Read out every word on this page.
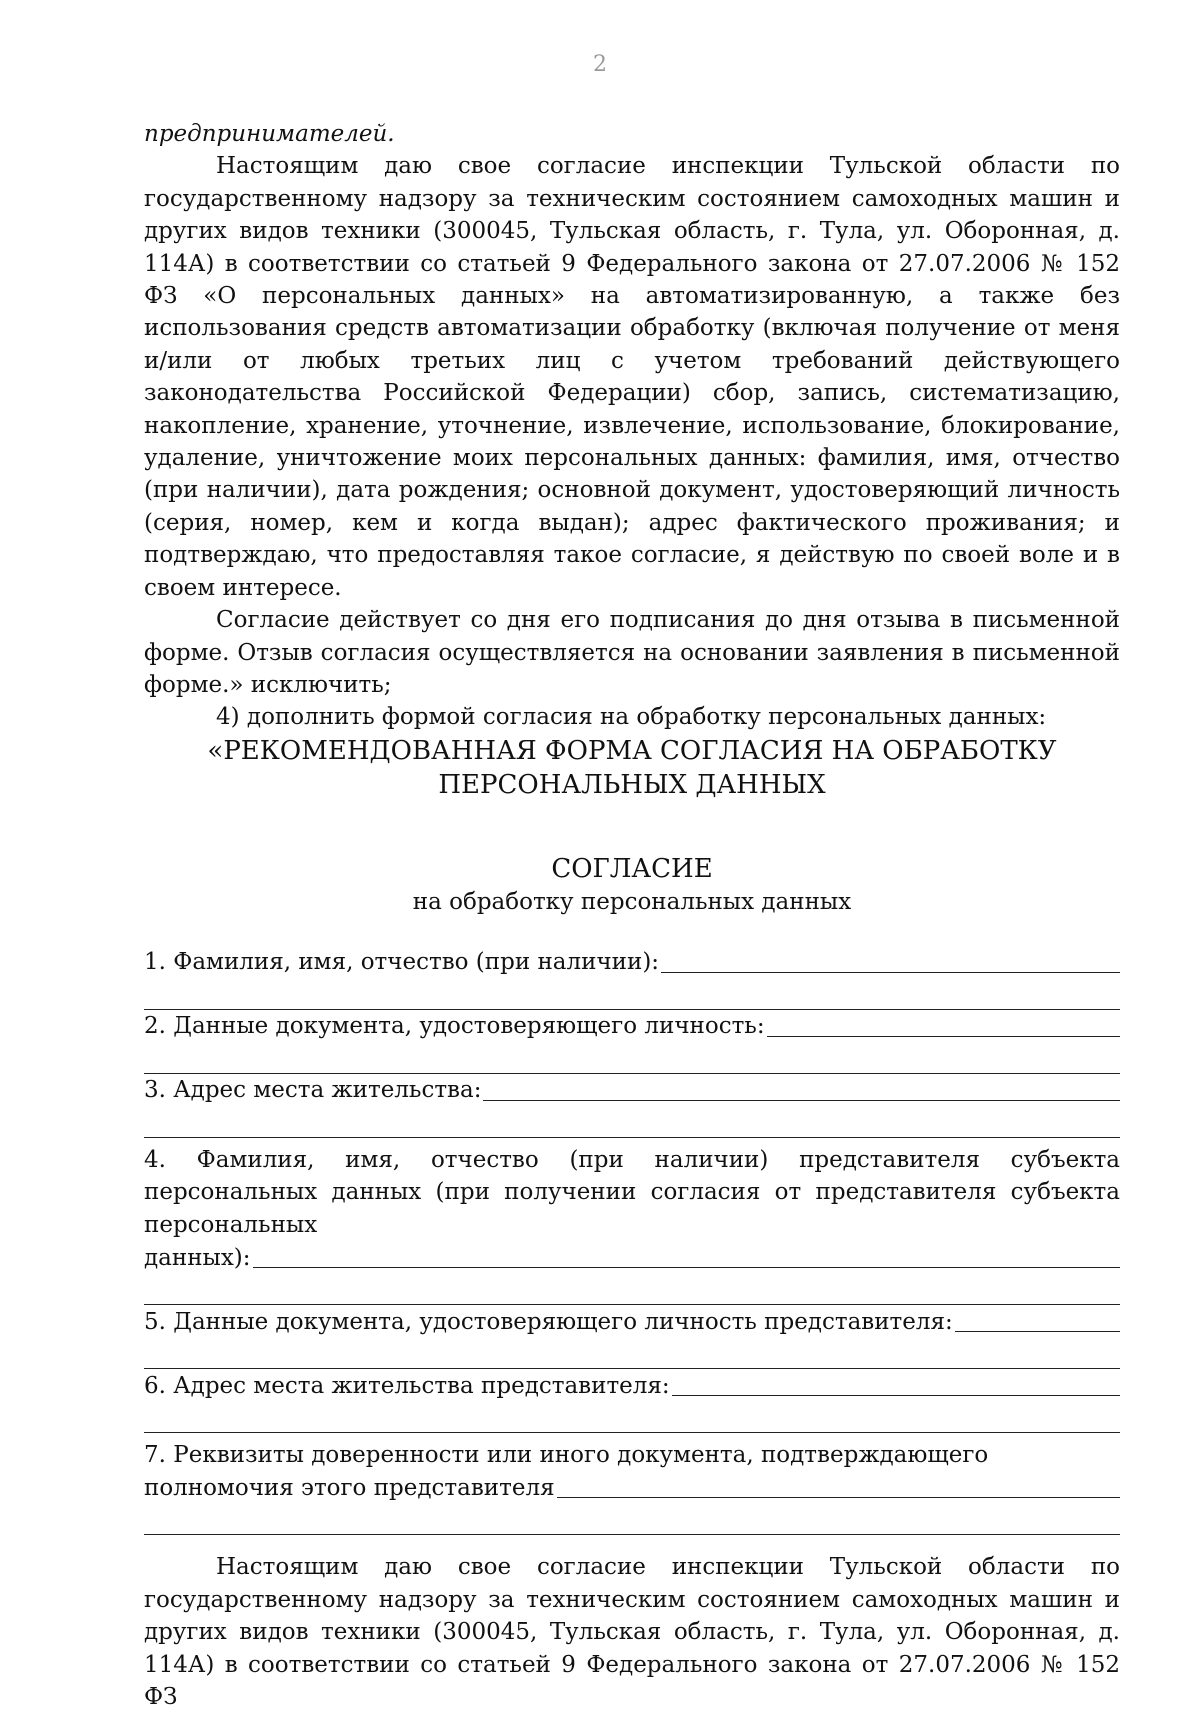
2

предпринимателей.

Настоящим даю свое согласие инспекции Тульской области по государственному надзору за техническим состоянием самоходных машин и других видов техники (300045, Тульская область, г. Тула, ул. Оборонная, д. 114А) в соответствии со статьей 9 Федерального закона от 27.07.2006 № 152 ФЗ «О персональных данных» на автоматизированную, а также без использования средств автоматизации обработку (включая получение от меня и/или от любых третьих лиц с учетом требований действующего законодательства Российской Федерации) сбор, запись, систематизацию, накопление, хранение, уточнение, извлечение, использование, блокирование, удаление, уничтожение моих персональных данных: фамилия, имя, отчество (при наличии), дата рождения; основной документ, удостоверяющий личность (серия, номер, кем и когда выдан); адрес фактического проживания; и подтверждаю, что предоставляя такое согласие, я действую по своей воле и в своем интересе.

Согласие действует со дня его подписания до дня отзыва в письменной форме. Отзыв согласия осуществляется на основании заявления в письменной форме.» исключить;

4) дополнить формой согласия на обработку персональных данных:

«РЕКОМЕНДОВАННАЯ ФОРМА СОГЛАСИЯ НА ОБРАБОТКУ

ПЕРСОНАЛЬНЫХ ДАННЫХ

СОГЛАСИЕ

на обработку персональных данных

1. Фамилия, имя, отчество (при наличии):
2. Данные документа, удостоверяющего личность:
3. Адрес места жительства:

4. Фамилия, имя, отчество (при наличии) представителя субъекта персональных данных (при получении согласия от представителя субъекта персональных

данных):
5. Данные документа, удостоверяющего личность представителя:
6. Адрес места жительства представителя:

7. Реквизиты доверенности или иного документа, подтверждающего

полномочия этого представителя

Настоящим даю свое согласие инспекции Тульской области по государственному надзору за техническим состоянием самоходных машин и других видов техники (300045, Тульская область, г. Тула, ул. Оборонная, д. 114А) в соответствии со статьей 9 Федерального закона от 27.07.2006 № 152 ФЗ
